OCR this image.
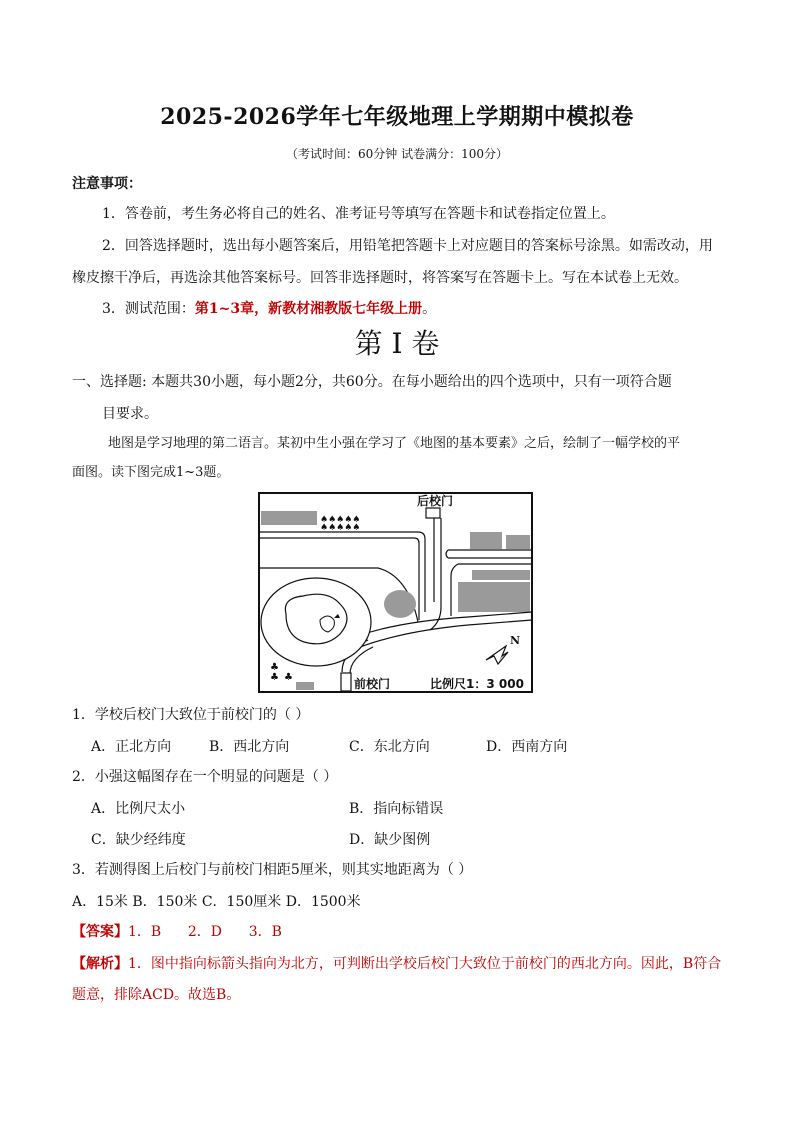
2025-2026学年七年级地理上学期期中模拟卷
（考试时间：60分钟 试卷满分：100分）
注意事项：
1．答卷前，考生务必将自己的姓名、准考证号等填写在答题卡和试卷指定位置上。
2．回答选择题时，选出每小题答案后，用铅笔把答题卡上对应题目的答案标号涂黑。如需改动，用
橡皮擦干净后，再选涂其他答案标号。回答非选择题时，将答案写在答题卡上。写在本试卷上无效。
3．测试范围：第1~3章，新教材湘教版七年级上册。
第 I 卷
一、选择题: 本题共30小题，每小题2分，共60分。在每小题给出的四个选项中，只有一项符合题
目要求。
地图是学习地理的第二语言。某初中生小强在学习了《地图的基本要素》之后，绘制了一幅学校的平
面图。读下图完成1~3题。
♠♠♠♠♠
♠♠♠♠♠
♣
♣ ♣
N
后校门
前校门	比例尺1：3 000
1．学校后校门大致位于前校门的（ ）
A．正北方向	B．西北方向	C．东北方向	D．西南方向
2．小强这幅图存在一个明显的问题是（ ）
A．比例尺太小	B．指向标错误
C．缺少经纬度	D．缺少图例
3．若测得图上后校门与前校门相距5厘米，则其实地距离为（ ）
A．15米 B．150米 C．150厘米 D．1500米
【答案】1．B      2．D      3．B
【解析】1．图中指向标箭头指向为北方，可判断出学校后校门大致位于前校门的西北方向。因此，B符合
题意，排除ACD。故选B。
